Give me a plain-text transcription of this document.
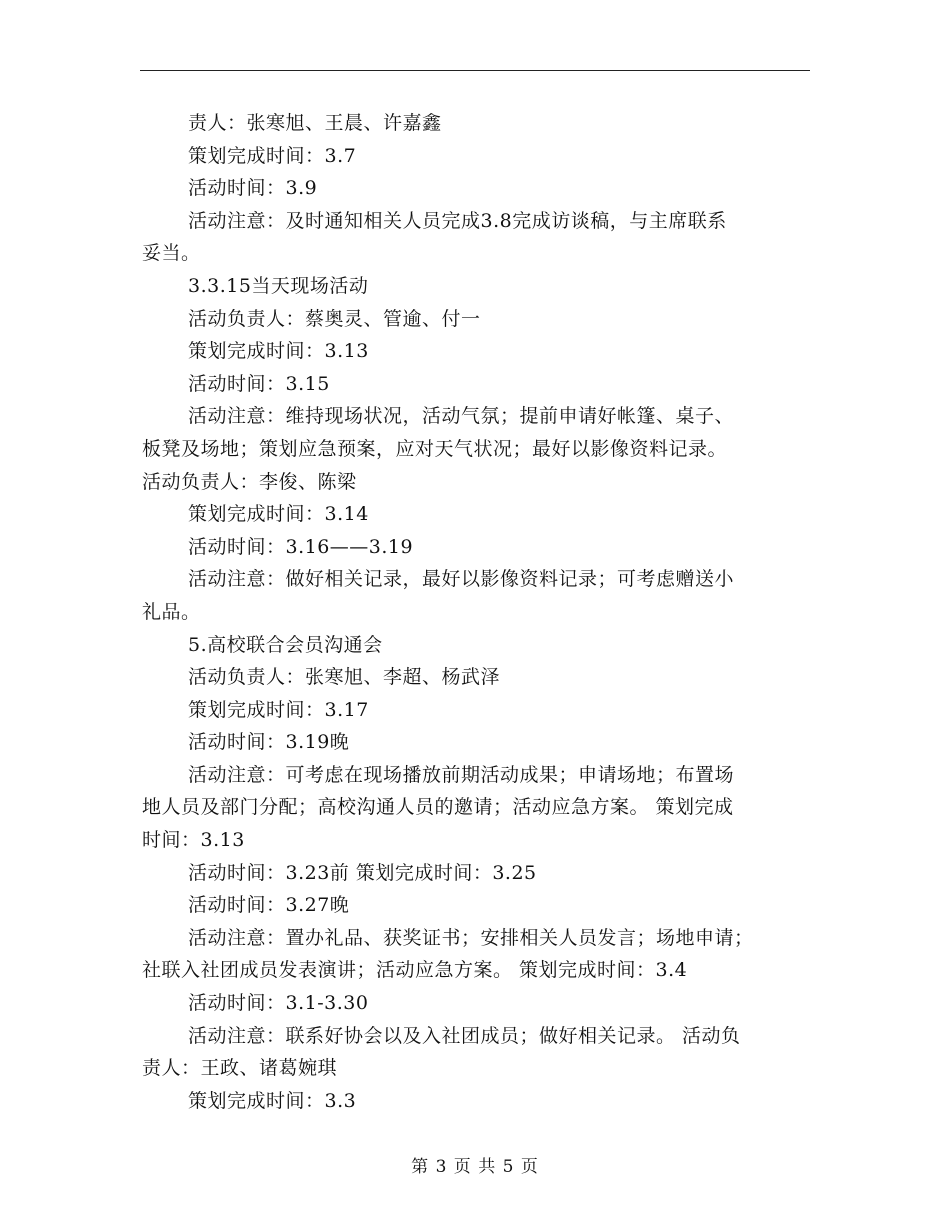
责人：张寒旭、王晨、许嘉鑫
策划完成时间：3.7
活动时间：3.9
活动注意：及时通知相关人员完成3.8完成访谈稿，与主席联系
妥当。
3.3.15当天现场活动
活动负责人：蔡奥灵、管逾、付一
策划完成时间：3.13
活动时间：3.15
活动注意：维持现场状况，活动气氛；提前申请好帐篷、桌子、
板凳及场地；策划应急预案，应对天气状况；最好以影像资料记录。
活动负责人：李俊、陈梁
策划完成时间：3.14
活动时间：3.16——3.19
活动注意：做好相关记录，最好以影像资料记录；可考虑赠送小
礼品。
5.高校联合会员沟通会
活动负责人：张寒旭、李超、杨武泽
策划完成时间：3.17
活动时间：3.19晚
活动注意：可考虑在现场播放前期活动成果；申请场地；布置场
地人员及部门分配；高校沟通人员的邀请；活动应急方案。 策划完成
时间：3.13
活动时间：3.23前 策划完成时间：3.25
活动时间：3.27晚
活动注意：置办礼品、获奖证书；安排相关人员发言；场地申请；
社联入社团成员发表演讲；活动应急方案。 策划完成时间：3.4
活动时间：3.1-3.30
活动注意：联系好协会以及入社团成员；做好相关记录。 活动负
责人：王政、诸葛婉琪
策划完成时间：3.3
第 3 页 共 5 页
